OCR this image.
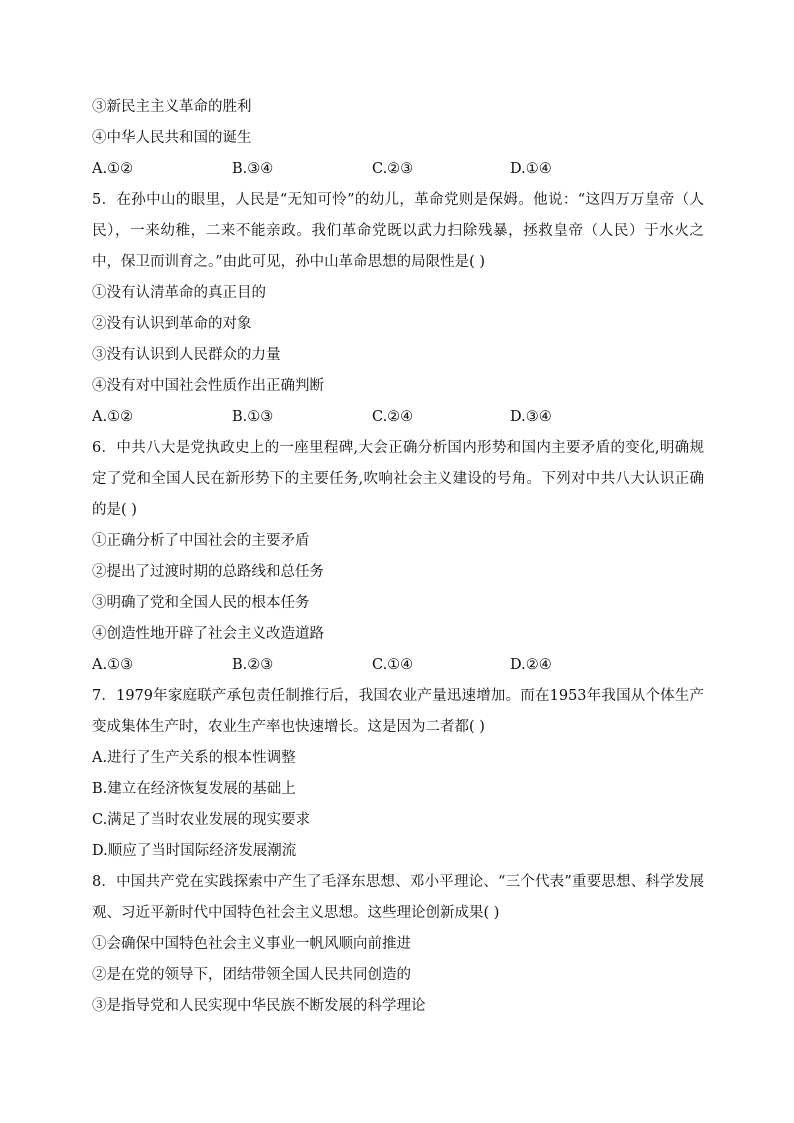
③新民主主义革命的胜利

④中华人民共和国的诞生

A.①②	B.③④	C.②③	D.①④

5．在孙中山的眼里，人民是“无知可怜”的幼儿，革命党则是保姆。他说：“这四万万皇帝（人民），一来幼稚，二来不能亲政。我们革命党既以武力扫除残暴，拯救皇帝（人民）于水火之中，保卫而训育之。”由此可见，孙中山革命思想的局限性是( )

①没有认清革命的真正目的

②没有认识到革命的对象

③没有认识到人民群众的力量

④没有对中国社会性质作出正确判断

A.①②	B.①③	C.②④	D.③④

6．中共八大是党执政史上的一座里程碑,大会正确分析国内形势和国内主要矛盾的变化,明确规定了党和全国人民在新形势下的主要任务,吹响社会主义建设的号角。下列对中共八大认识正确的是( )

①正确分析了中国社会的主要矛盾

②提出了过渡时期的总路线和总任务

③明确了党和全国人民的根本任务

④创造性地开辟了社会主义改造道路

A.①③	B.②③	C.①④	D.②④

7．1979年家庭联产承包责任制推行后，我国农业产量迅速增加。而在1953年我国从个体生产变成集体生产时，农业生产率也快速增长。这是因为二者都( )

A.进行了生产关系的根本性调整

B.建立在经济恢复发展的基础上

C.满足了当时农业发展的现实要求

D.顺应了当时国际经济发展潮流

8．中国共产党在实践探索中产生了毛泽东思想、邓小平理论、“三个代表”重要思想、科学发展观、习近平新时代中国特色社会主义思想。这些理论创新成果( )

①会确保中国特色社会主义事业一帆风顺向前推进

②是在党的领导下，团结带领全国人民共同创造的

③是指导党和人民实现中华民族不断发展的科学理论
